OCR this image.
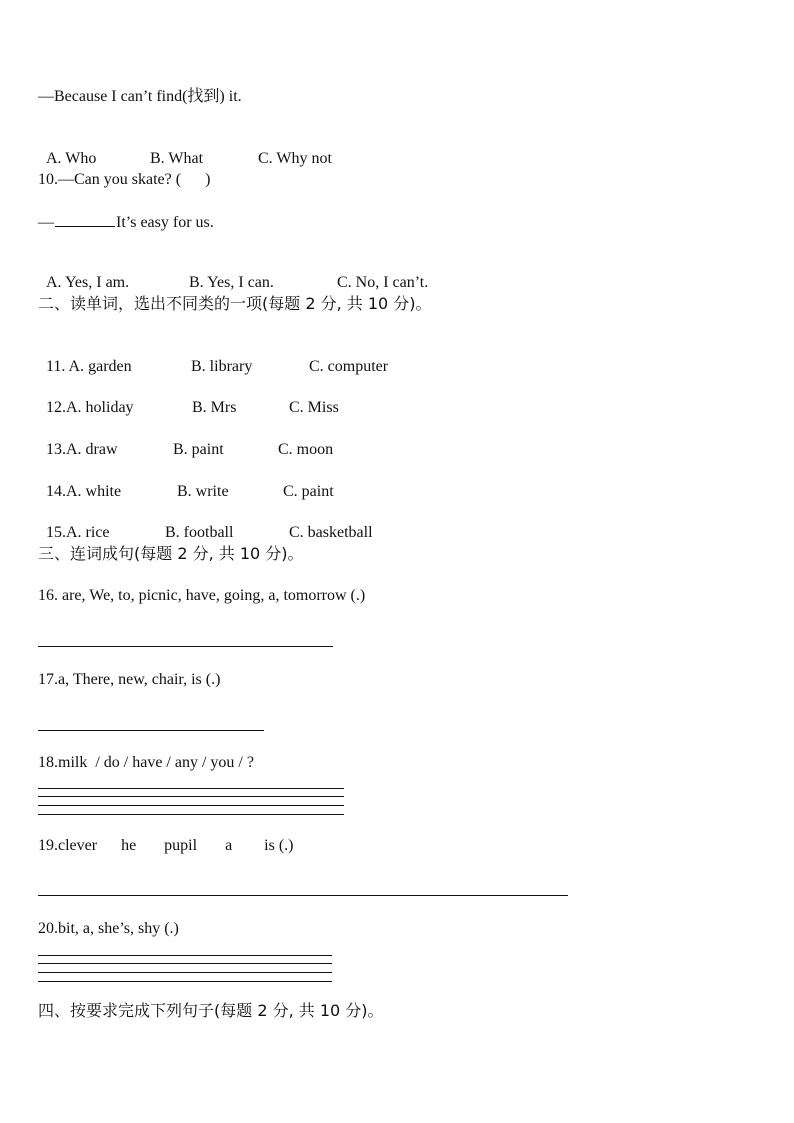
—Because I can’t find(找到) it.

A. Who	B. What	C. Why not

10.—Can you skate? (      )
—	It’s easy for us.

A. Yes, I am.	B. Yes, I can.	C. No, I can’t.

二、读单词，选出不同类的一项(每题 2 分, 共 10 分)。

11. A. garden	B. library	C. computer

12.A. holiday	B. Mrs	C. Miss

13.A. draw	B. paint	C. moon

14.A. white	B. write	C. paint

15.A. rice	B. football	C. basketball

三、连词成句(每题 2 分, 共 10 分)。
16. are, We, to, picnic, have, going, a, tomorrow (.)
17.a, There, new, chair, is (.)
18.milk  / do / have / any / you / ?
19.clever      he       pupil       a        is (.)
20.bit, a, she’s, shy (.)
四、按要求完成下列句子(每题 2 分, 共 10 分)。
